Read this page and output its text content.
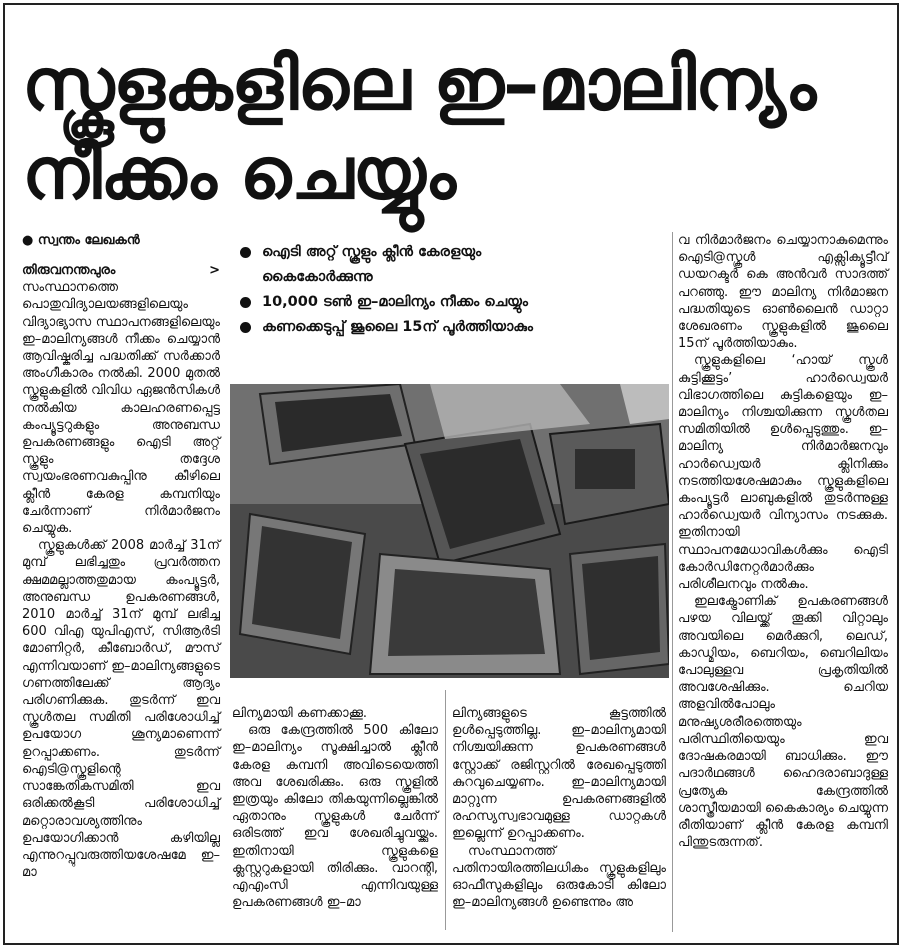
സ്കൂളുകളിലെ ഇ–മാലിന്യം
നീക്കം ചെയ്യും
● സ്വന്തം ലേഖകൻ

തിരുവനന്തപുരം > സംസ്ഥാനത്തെ പൊതുവിദ്യാലയങ്ങളിലെയും വിദ്യാഭ്യാസ സ്ഥാപനങ്ങളിലെയും ഇ–മാലിന്യങ്ങൾ നീക്കം ചെയ്യാൻ ആവിഷ്കരിച്ച പദ്ധതിക്ക് സർക്കാർ അംഗീകാരം നൽകി. 2000 മുതൽ സ്കൂളുകളിൽ വിവിധ ഏജൻസികൾ നൽകിയ കാലഹരണപ്പെട്ട കംപ്യൂട്ടറുകളും അനുബന്ധ ഉപകരണങ്ങളും ഐടി അറ്റ് സ്കൂളും തദ്ദേശ സ്വയംഭരണവകുപ്പിനു കീഴിലെ ക്ലീൻ കേരള കമ്പനിയും ചേർന്നാണ് നിർമാർജനം ചെയ്യുക.

സ്കൂളുകൾക്ക് 2008 മാർച്ച് 31ന് മുമ്പ് ലഭിച്ചതും പ്രവർത്തന ക്ഷമമല്ലാത്തതുമായ കംപ്യൂട്ടർ, അനുബന്ധ ഉപകരണങ്ങൾ, 2010 മാർച്ച് 31ന് മുമ്പ് ലഭിച്ച 600 വിഎ യുപിഎസ്, സിആർടി മോണിറ്റർ, കീബോർഡ്, മൗസ് എന്നിവയാണ് ഇ–മാലിന്യങ്ങളുടെ ഗണത്തിലേക്ക് ആദ്യം പരിഗണിക്കുക. തുടർന്ന് ഇവ സ്കൂൾതല സമിതി പരിശോധിച്ച് ഉപയോഗ ശൂന്യമാണെന്ന് ഉറപ്പാക്കണം. തുടർന്ന് ഐടി@സ്കൂളിന്റെ സാങ്കേതികസമിതി ഇവ ഒരിക്കൽകൂടി പരിശോധിച്ച് മറ്റൊരാവശ്യത്തിനും ഉപയോഗിക്കാൻ കഴിയില്ല എന്നുറപ്പുവരുത്തിയശേഷമേ ഇ–മാ

ഐടി അറ്റ് സ്കൂളും ക്ലീൻ കേരളയും
കൈകോർക്കുന്നു
10,000 ടൺ ഇ–മാലിന്യം നീക്കം ചെയ്യും
കണക്കെടുപ്പ് ജൂലൈ 15ന് പൂർത്തിയാകും

ലിന്യമായി കണക്കാക്കൂ.

ഒരു കേന്ദ്രത്തിൽ 500 കിലോ ഇ–മാലിന്യം സൂക്ഷിച്ചാൽ ക്ലീൻ കേരള കമ്പനി അവിടെയെത്തി അവ ശേഖരിക്കും. ഒരു സ്കൂളിൽ ഇത്രയും കിലോ തികയുന്നില്ലെങ്കിൽ ഏതാനും സ്കൂളുകൾ ചേർന്ന് ഒരിടത്ത് ഇവ ശേഖരിച്ചുവയ്ക്കും. ഇതിനായി സ്കൂളുകളെ ക്ലസ്റ്ററുകളായി തിരിക്കും. വാറന്റി, എഎംസി എന്നിവയുള്ള ഉപകരണങ്ങൾ ഇ–മാ

ലിന്യങ്ങളുടെ കൂട്ടത്തിൽ ഉൾപ്പെടുത്തില്ല. ഇ–മാലിന്യമായി നിശ്ചയിക്കുന്ന ഉപകരണങ്ങൾ സ്റ്റോക്ക് രജിസ്റ്ററിൽ രേഖപ്പെടുത്തി കുറവുചെയ്യണം. ഇ–മാലിന്യമായി മാറ്റുന്ന ഉപകരണങ്ങളിൽ രഹസ്യസ്വഭാവമുള്ള ഡാറ്റകൾ ഇല്ലെന്ന് ഉറപ്പാക്കണം.

സംസ്ഥാനത്ത് പതിനായിരത്തിലധികം സ്കൂളുകളിലും ഓഫീസുകളിലും ഒരുകോടി കിലോ ഇ–മാലിന്യങ്ങൾ ഉണ്ടെന്നും അ

വ നിർമാർജനം ചെയ്യാനാകുമെന്നും ഐടി@സ്കൂൾ എക്സിക്യൂട്ടീവ് ഡയറക്ടർ കെ അൻവർ സാദത്ത് പറഞ്ഞു. ഈ മാലിന്യ നിർമാജന പദ്ധതിയുടെ ഓൺലൈൻ ഡാറ്റാ ശേഖരണം സ്കൂളുകളിൽ ജൂലൈ 15ന് പൂർത്തിയാകും.

സ്കൂളുകളിലെ ‘ഹായ് സ്കൂൾ കുട്ടിക്കൂട്ടം’ ഹാർഡ്വെയർ വിഭാഗത്തിലെ കുട്ടികളെയും ഇ–മാലിന്യം നിശ്ചയിക്കുന്ന സ്കൂൾതല സമിതിയിൽ ഉൾപ്പെടുത്തും. ഇ–മാലിന്യ നിർമാർജനവും ഹാർഡ്വെയർ ക്ലിനിക്കും നടത്തിയശേഷമാകും സ്കൂളുകളിലെ കംപ്യൂട്ടർ ലാബുകളിൽ തുടർന്നുള്ള ഹാർഡ്വെയർ വിന്യാസം നടക്കുക. ഇതിനായി സ്ഥാപനമേധാവികൾക്കും ഐടി കോർഡിനേറ്റർമാർക്കും പരിശീലനവും നൽകും.

ഇലക്ട്രോണിക് ഉപകരണങ്ങൾ പഴയ വിലയ്ക്ക് തൂക്കി വിറ്റാലും അവയിലെ മെർക്കുറി, ലെഡ്, കാഡ്മിയം, ബെറിയം, ബെറിലിയം പോലുള്ളവ പ്രകൃതിയിൽ അവശേഷിക്കും. ചെറിയ അളവിൽപോലും മനുഷ്യശരീരത്തെയും പരിസ്ഥിതിയെയും ഇവ ദോഷകരമായി ബാധിക്കും. ഈ പദാർഥങ്ങൾ ഹൈദരാബാദുള്ള പ്രത്യേക കേന്ദ്രത്തിൽ ശാസ്ത്രീയമായി കൈകാര്യം ചെയ്യുന്ന രീതിയാണ് ക്ലീൻ കേരള കമ്പനി പിന്തുടരുന്നത്.
